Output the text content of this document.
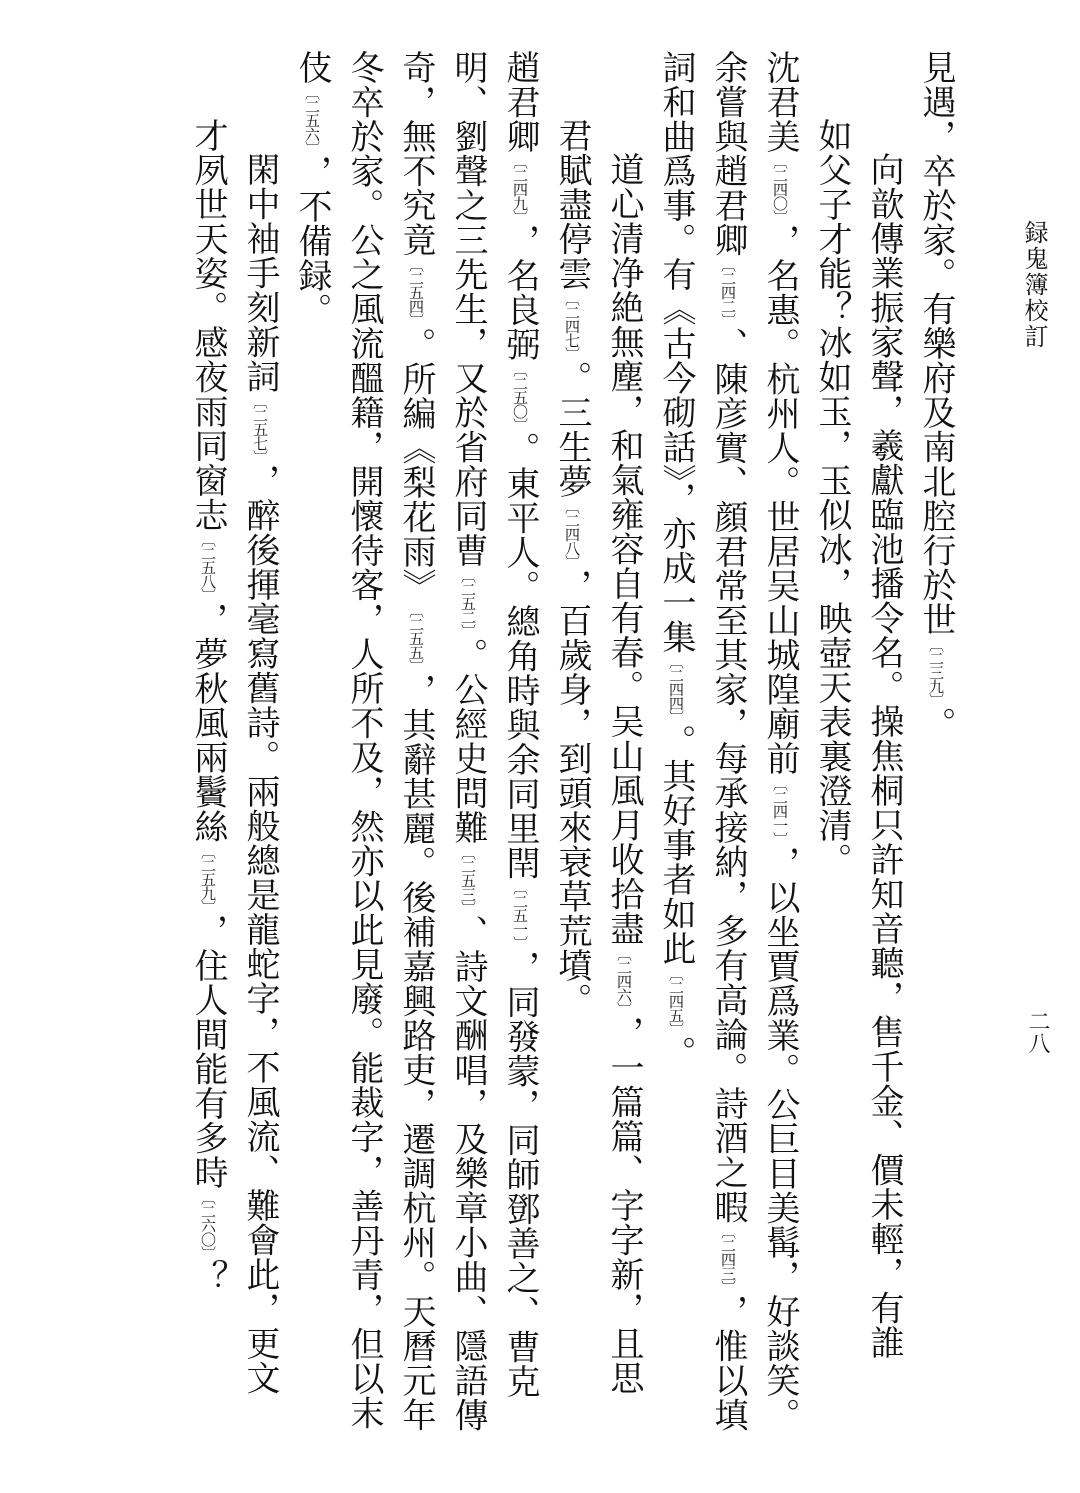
録鬼簿校訂
二八
見遇，卒於家。有樂府及南北腔行於世〔二三九〕。
向歆傳業振家聲，羲獻臨池播令名。操焦桐只許知音聽，售千金、價未輕，有誰
如父子才能？冰如玉，玉似冰，映壺天表裏澄清。
沈君美〔二四〇〕，名惠。杭州人。世居吴山城隍廟前〔二四一〕，以坐賈爲業。公巨目美髯，好談笑。
余嘗與趙君卿〔二四二〕、陳彦實、顔君常至其家，每承接納，多有高論。詩酒之暇〔二四三〕，惟以填
詞和曲爲事。有《古今砌話》，亦成一集〔二四四〕。其好事者如此〔二四五〕。
道心清净絶無塵，和氣雍容自有春。吴山風月收拾盡〔二四六〕，一篇篇、字字新，且思
君賦盡停雲〔二四七〕。三生夢〔二四八〕，百歲身，到頭來衰草荒墳。
趙君卿〔二四九〕，名良弼〔二五〇〕。東平人。總角時與余同里閈〔二五一〕，同發蒙，同師鄧善之、曹克
明、劉聲之三先生，又於省府同曹〔二五二〕。公經史問難〔二五三〕、詩文酬唱，及樂章小曲、隱語傳
奇，無不究竟〔二五四〕。所編《梨花雨》〔二五五〕，其辭甚麗。後補嘉興路吏，遷調杭州。天曆元年
冬卒於家。公之風流醞籍，開懷待客，人所不及，然亦以此見廢。能裁字，善丹青，但以末
伎〔二五六〕，不備録。
閑中袖手刻新詞〔二五七〕，醉後揮毫寫舊詩。兩般總是龍蛇字，不風流、難會此，更文
才夙世天姿。感夜雨同窗志〔二五八〕，夢秋風兩鬢絲〔二五九〕，住人間能有多時〔二六〇〕？
